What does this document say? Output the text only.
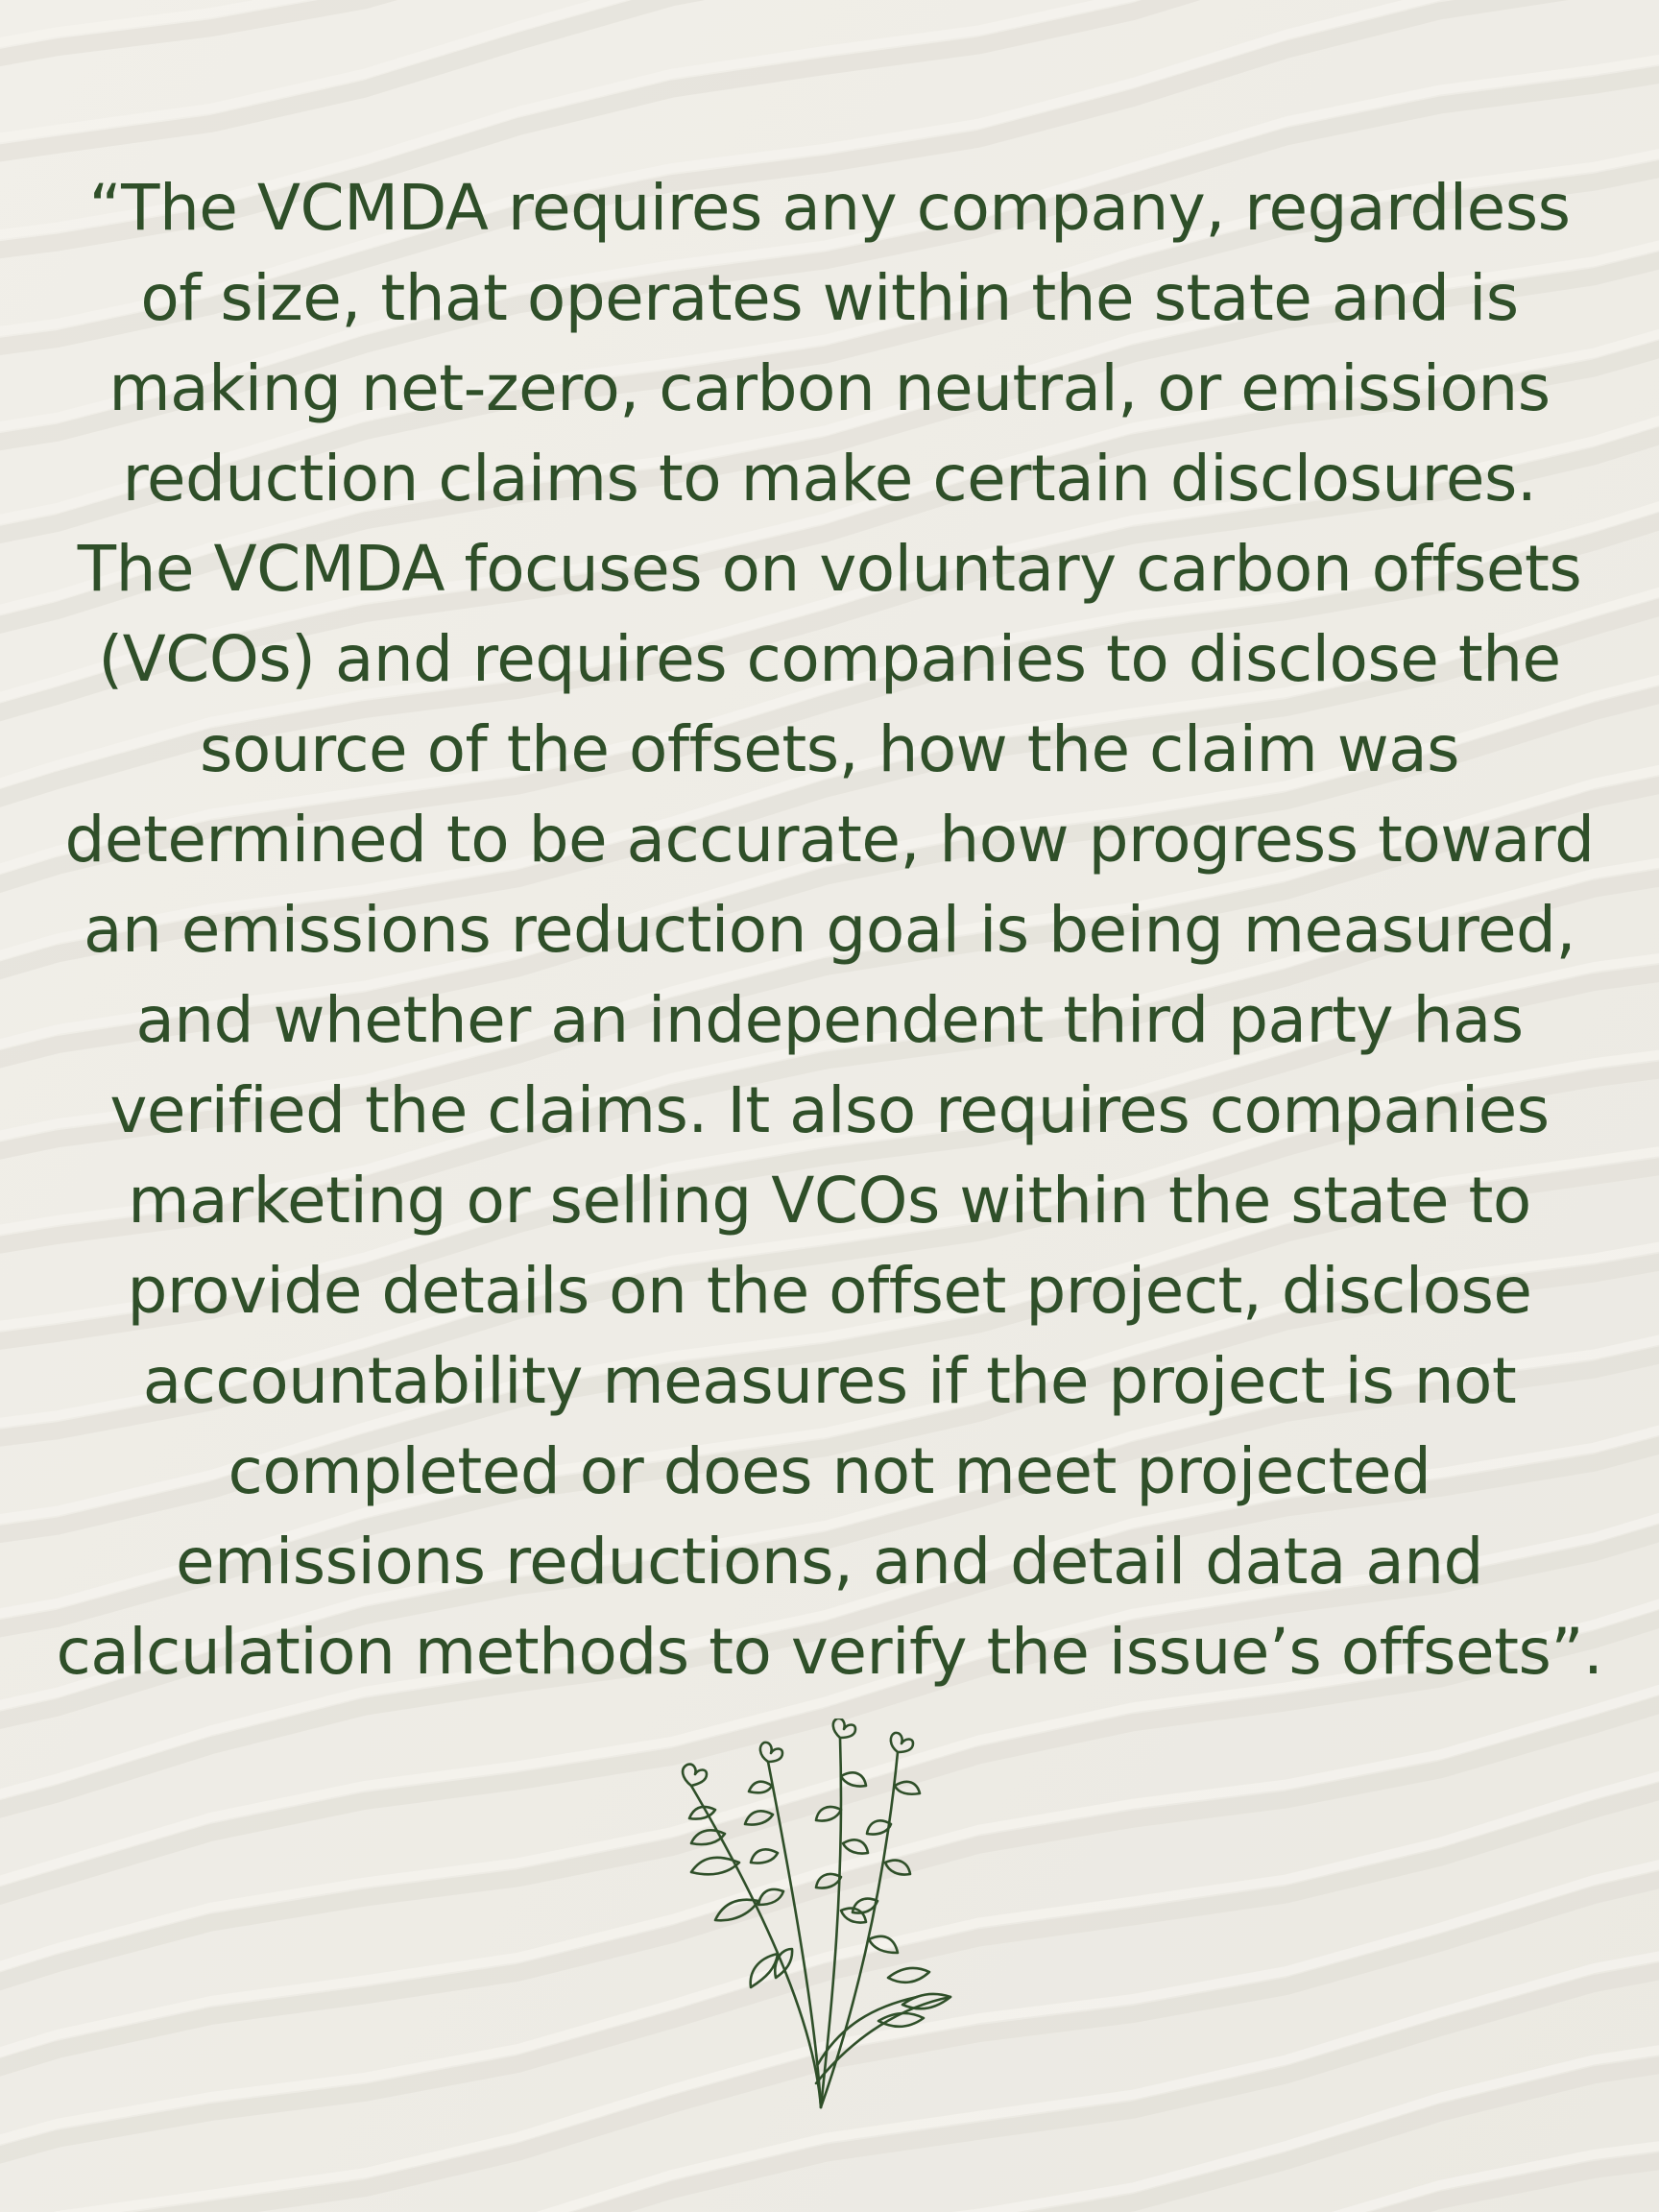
“The VCMDA requires any company, regardless
of size, that operates within the state and is
making net-zero, carbon neutral, or emissions
reduction claims to make certain disclosures.
The VCMDA focuses on voluntary carbon offsets
(VCOs) and requires companies to disclose the
source of the offsets, how the claim was
determined to be accurate, how progress toward
an emissions reduction goal is being measured,
and whether an independent third party has
verified the claims. It also requires companies
marketing or selling VCOs within the state to
provide details on the offset project, disclose
accountability measures if the project is not
completed or does not meet projected
emissions reductions, and detail data and
calculation methods to verify the issue’s offsets”.
